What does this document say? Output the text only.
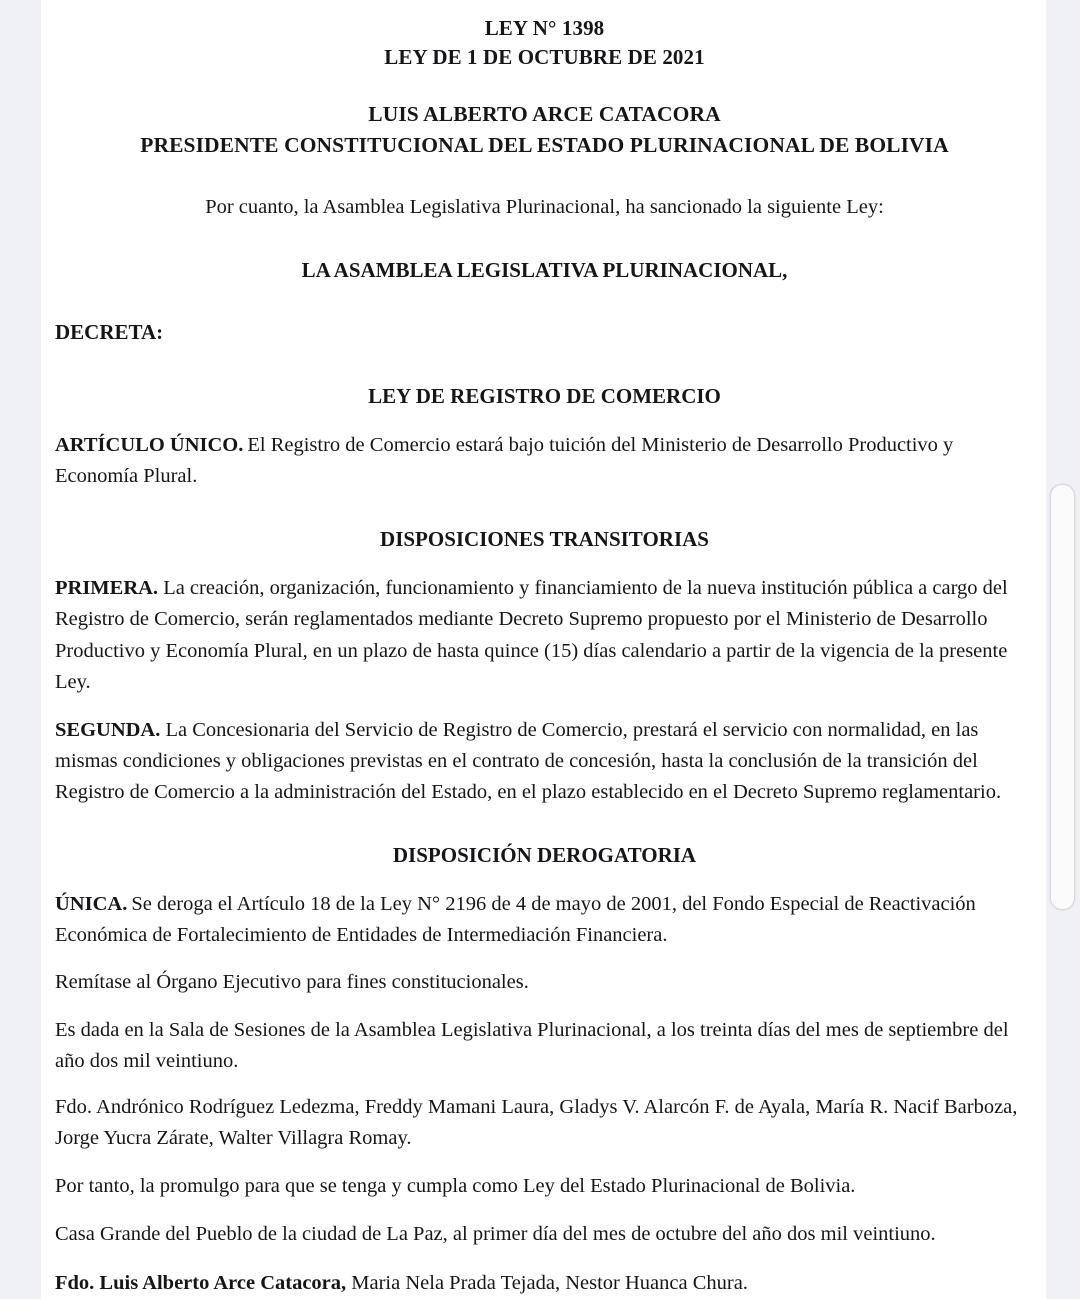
LEY N° 1398
LEY DE 1 DE OCTUBRE DE 2021
LUIS ALBERTO ARCE CATACORA
PRESIDENTE CONSTITUCIONAL DEL ESTADO PLURINACIONAL DE BOLIVIA
Por cuanto, la Asamblea Legislativa Plurinacional, ha sancionado la siguiente Ley:
LA ASAMBLEA LEGISLATIVA PLURINACIONAL,
DECRETA:
LEY DE REGISTRO DE COMERCIO

ARTÍCULO ÚNICO. El Registro de Comercio estará bajo tuición del Ministerio de Desarrollo Productivo y Economía Plural.

DISPOSICIONES TRANSITORIAS

PRIMERA. La creación, organización, funcionamiento y financiamiento de la nueva institución pública a cargo del Registro de Comercio, serán reglamentados mediante Decreto Supremo propuesto por el Ministerio de Desarrollo Productivo y Economía Plural, en un plazo de hasta quince (15) días calendario a partir de la vigencia de la presente Ley.

SEGUNDA. La Concesionaria del Servicio de Registro de Comercio, prestará el servicio con normalidad, en las mismas condiciones y obligaciones previstas en el contrato de concesión, hasta la conclusión de la transición del Registro de Comercio a la administración del Estado, en el plazo establecido en el Decreto Supremo reglamentario.

DISPOSICIÓN DEROGATORIA

ÚNICA. Se deroga el Artículo 18 de la Ley N° 2196 de 4 de mayo de 2001, del Fondo Especial de Reactivación Económica de Fortalecimiento de Entidades de Intermediación Financiera.

Remítase al Órgano Ejecutivo para fines constitucionales.

Es dada en la Sala de Sesiones de la Asamblea Legislativa Plurinacional, a los treinta días del mes de septiembre del año dos mil veintiuno.

Fdo. Andrónico Rodríguez Ledezma, Freddy Mamani Laura, Gladys V. Alarcón F. de Ayala, María R. Nacif Barboza, Jorge Yucra Zárate, Walter Villagra Romay.

Por tanto, la promulgo para que se tenga y cumpla como Ley del Estado Plurinacional de Bolivia.

Casa Grande del Pueblo de la ciudad de La Paz, al primer día del mes de octubre del año dos mil veintiuno.

Fdo. Luis Alberto Arce Catacora, Maria Nela Prada Tejada, Nestor Huanca Chura.
